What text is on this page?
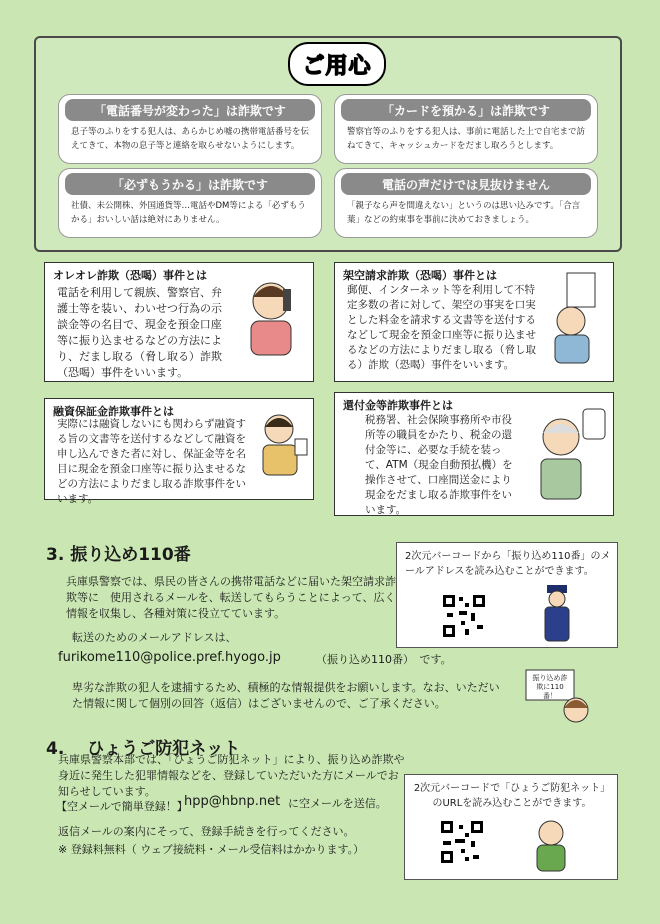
ご用心
「電話番号が変わった」は詐欺です
息子等のふりをする犯人は、あらかじめ嘘の携帯電話番号を伝えてきて、本物の息子等と連絡を取らせないようにします。
「カードを預かる」は詐欺です
警察官等のふりをする犯人は、事前に電話した上で自宅まで訪ねてきて、キャッシュカードをだまし取ろうとします。
「必ずもうかる」は詐欺です
社債、未公開株、外国通貨等…電話やDM等による「必ずもうかる」おいしい話は絶対にありません。
電話の声だけでは見抜けません
「親子なら声を間違えない」というのは思い込みです。「合言葉」などの約束事を事前に決めておきましょう。
オレオレ詐欺（恐喝）事件とは
電話を利用して親族、警察官、弁護士等を装い、わいせつ行為の示談金等の名目で、現金を預金口座等に振り込ませるなどの方法により、だまし取る（脅し取る）詐欺（恐喝）事件をいいます。
架空請求詐欺（恐喝）事件とは
郵便、インターネット等を利用して不特定多数の者に対して、架空の事実を口実とした料金を請求する文書等を送付するなどして現金を預金口座等に振り込ませるなどの方法によりだまし取る（脅し取る）詐欺（恐喝）事件をいいます。
融資保証金詐欺事件とは
実際には融資しないにも関わらず融資する旨の文書等を送付するなどして融資を申し込んできた者に対し、保証金等を名目に現金を預金口座等に振り込ませるなどの方法によりだまし取る詐欺事件をいいます。
還付金等詐欺事件とは
税務署、社会保険事務所や市役所等の職員をかたり、税金の還付金等に、必要な手続を装って、ATM（現金自動預払機）を操作させて、口座間送金により現金をだまし取る詐欺事件をいいます。
3. 振り込め110番
兵庫県警察では、県民の皆さんの携帯電話などに届いた架空請求詐欺等に　使用されるメールを、転送してもらうことによって、広く情報を収集し、各種対策に役立てています。
転送のためのメールアドレスは、
furikome110@police.pref.hyogo.jp	（振り込め110番）　です。
卑劣な詐欺の犯人を逮捕するため、積極的な情報提供をお願いします。なお、いただいた情報に関して個別の回答（返信）はございませんので、ご了承ください。
2次元バーコードから「振り込め110番」のメールアドレスを読み込むことができます。
振り込め詐欺に110番！
4.　 ひょうご防犯ネット
兵庫県警察本部では、「ひょうご防犯ネット」により、振り込め詐欺や身近に発生した犯罪情報などを、登録していただいた方にメールでお知らせしています。
【空メールで簡単登録！】
hpp@hbnp.net に空メールを送信。
返信メールの案内にそって、登録手続きを行ってください。
※ 登録料無料（ ウェブ接続料・メール受信料はかかります。）
2次元バーコードで「ひょうご防犯ネット」のURLを読み込むことができます。
